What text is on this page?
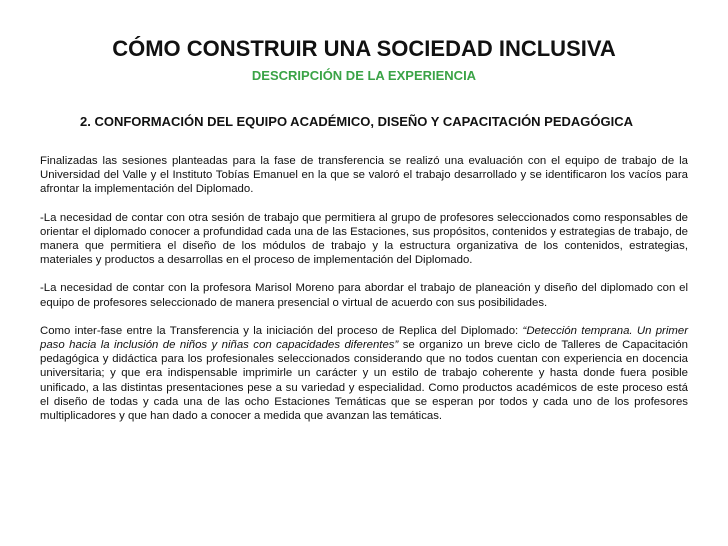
CÓMO CONSTRUIR UNA SOCIEDAD INCLUSIVA
DESCRIPCIÓN DE LA EXPERIENCIA
2. CONFORMACIÓN DEL EQUIPO ACADÉMICO, DISEÑO Y CAPACITACIÓN PEDAGÓGICA

Finalizadas las sesiones planteadas para la fase de transferencia se realizó una evaluación con el equipo de trabajo de la Universidad del Valle y el Instituto Tobías Emanuel en la que se valoró el trabajo desarrollado y se identificaron los vacíos para afrontar la implementación del Diplomado.

-La necesidad de contar con otra sesión de trabajo que permitiera al grupo de profesores seleccionados como responsables de orientar el diplomado conocer a profundidad cada una de las Estaciones, sus propósitos, contenidos y estrategias de trabajo, de manera que permitiera el diseño de los módulos de trabajo y la estructura organizativa de los contenidos, estrategias, materiales y productos a desarrollas en el proceso de implementación del Diplomado.

-La necesidad de contar con la profesora Marisol Moreno para abordar el trabajo de planeación y diseño del diplomado con el equipo de profesores seleccionado de manera presencial o virtual de acuerdo con sus posibilidades.

Como inter-fase entre la Transferencia y la iniciación del proceso de Replica del Diplomado: “Detección temprana. Un primer paso hacia la inclusión de niños y niñas con capacidades diferentes” se organizo un breve ciclo de Talleres de Capacitación pedagógica y didáctica para los profesionales seleccionados considerando que no todos cuentan con experiencia en docencia universitaria; y que era indispensable imprimirle un carácter y un estilo de trabajo coherente y hasta donde fuera posible unificado, a las distintas presentaciones pese a su variedad y especialidad. Como productos académicos de este proceso está el diseño de todas y cada una de las ocho Estaciones Temáticas que se esperan por todos y cada uno de los profesores multiplicadores y que han dado a conocer a medida que avanzan las temáticas.
